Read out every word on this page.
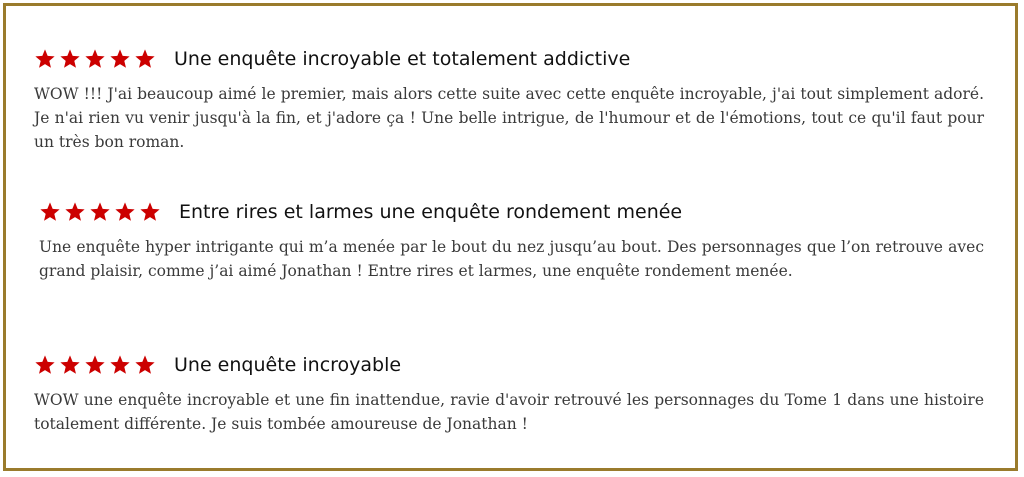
Une enquête incroyable et totalement addictive
WOW !!! J'ai beaucoup aimé le premier, mais alors cette suite avec cette enquête incroyable, j'ai tout simplement adoré. Je n'ai rien vu venir jusqu'à la fin, et j'adore ça ! Une belle intrigue, de l'humour et de l'émotions, tout ce qu'il faut pour un très bon roman.
Entre rires et larmes une enquête rondement menée
Une enquête hyper intrigante qui m’a menée par le bout du nez jusqu’au bout. Des personnages que l’on retrouve avec grand plaisir, comme j’ai aimé Jonathan ! Entre rires et larmes, une enquête rondement menée.
Une enquête incroyable
WOW une enquête incroyable et une fin inattendue, ravie d'avoir retrouvé les personnages du Tome 1 dans une histoire totalement différente. Je suis tombée amoureuse de Jonathan !
